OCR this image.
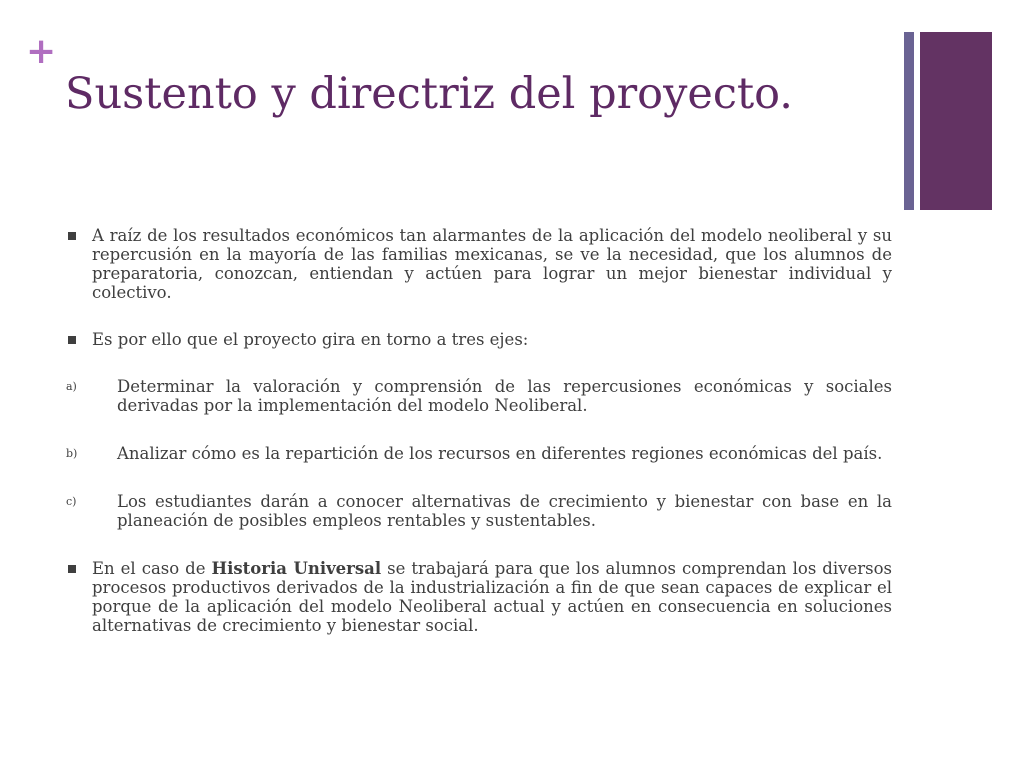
+
Sustento y directriz del proyecto.
A raíz de los resultados económicos tan alarmantes de la aplicación del modelo neoliberal y su repercusión en la mayoría de las familias mexicanas, se ve la necesidad, que los alumnos de preparatoria, conozcan, entiendan y actúen para lograr un mejor bienestar individual y colectivo.
Es por ello que el proyecto gira en torno a tres ejes:
a)	Determinar la valoración y comprensión de las repercusiones económicas y sociales derivadas por la implementación del modelo Neoliberal.
b)	Analizar cómo es la repartición de los recursos en diferentes regiones económicas del país.
c)	Los estudiantes darán a conocer alternativas de crecimiento y bienestar con base en la planeación de posibles empleos rentables y sustentables.
En el caso de Historia Universal se trabajará para que los alumnos comprendan los diversos procesos productivos derivados de la industrialización a fin de que sean capaces de explicar el porque de la aplicación del modelo Neoliberal actual y actúen en consecuencia en soluciones alternativas de crecimiento y bienestar social.
